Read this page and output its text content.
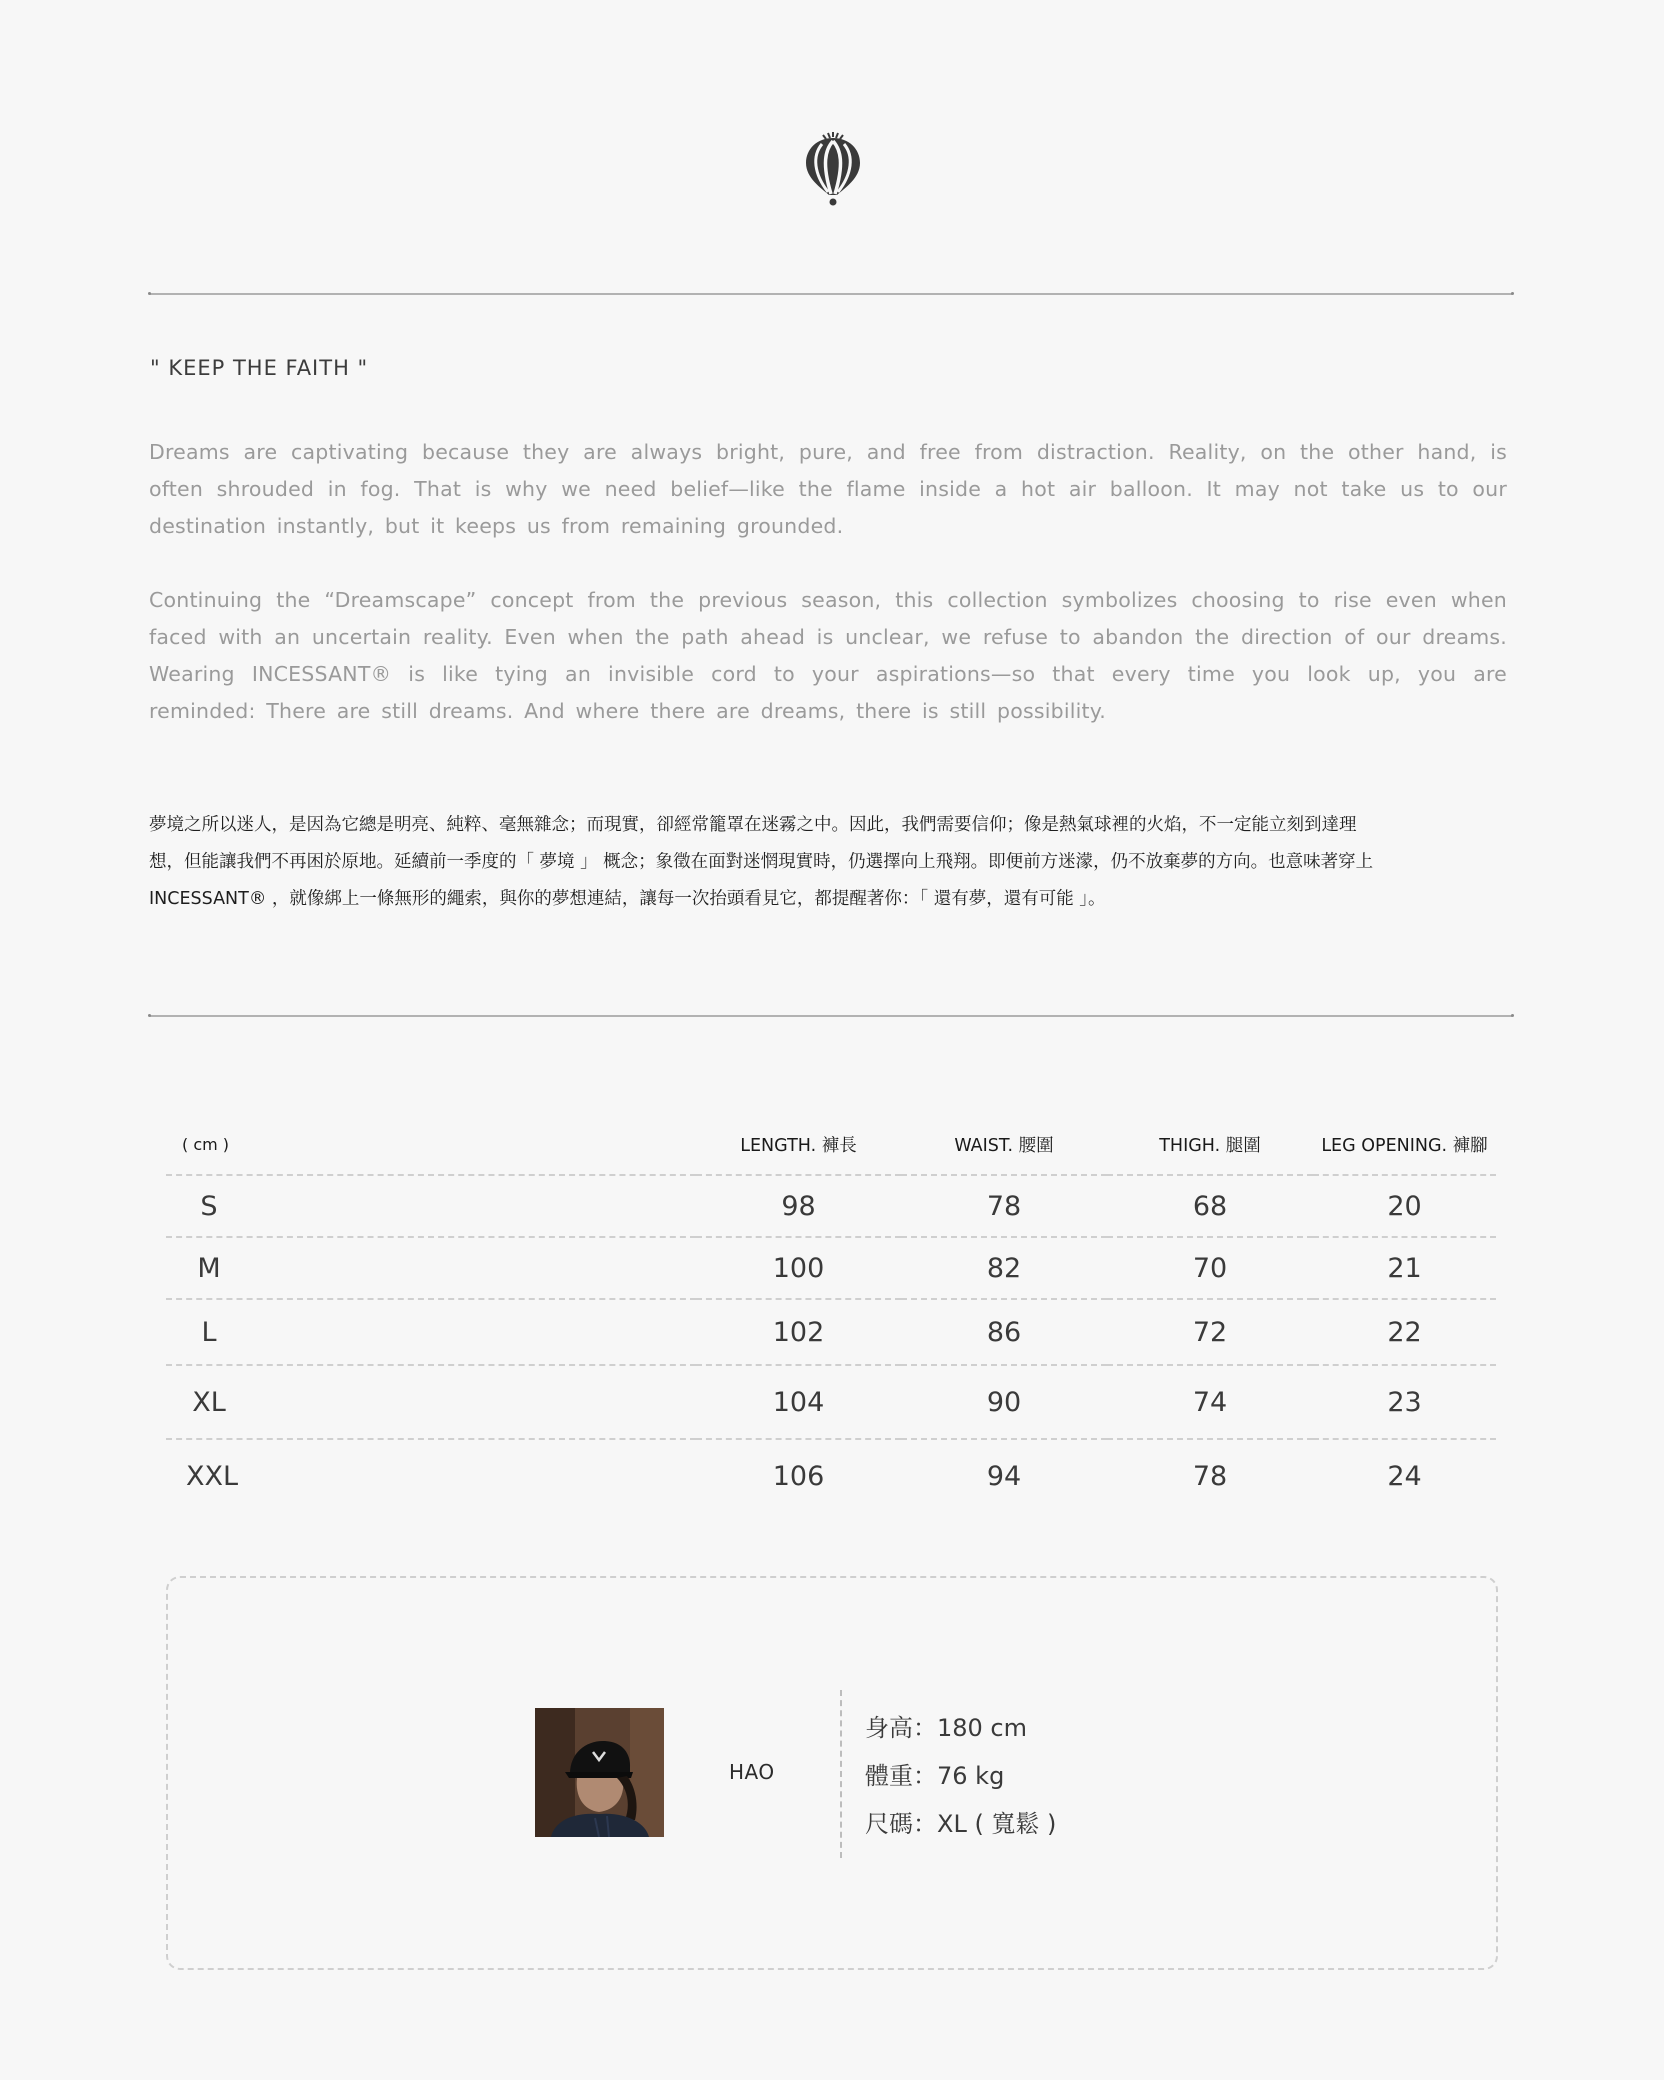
" KEEP THE FAITH "

Dreams are captivating because they are always bright, pure, and free from distraction. Reality, on the other hand, is often shrouded in fog. That is why we need belief—like the flame inside a hot air balloon. It may not take us to our destination instantly, but it keeps us from remaining grounded.

Continuing the “Dreamscape” concept from the previous season, this collection symbolizes choosing to rise even when faced with an uncertain reality. Even when the path ahead is unclear, we refuse to abandon the direction of our dreams. Wearing INCESSANT® is like tying an invisible cord to your aspirations—so that every time you look up, you are reminded: There are still dreams. And where there are dreams, there is still possibility.

夢境之所以迷人，是因為它總是明亮、純粹、毫無雜念；而現實，卻經常籠罩在迷霧之中。因此，我們需要信仰；像是熱氣球裡的火焰，不一定能立刻到達理
想，但能讓我們不再困於原地。延續前一季度的「 夢境 」 概念；象徵在面對迷惘現實時，仍選擇向上飛翔。即便前方迷濛，仍不放棄夢的方向。也意味著穿上
INCESSANT® ，就像綁上一條無形的繩索，與你的夢想連結，讓每一次抬頭看見它，都提醒著你：「 還有夢，還有可能 」。

( cm )	LENGTH. 褲長	WAIST. 腰圍	THIGH. 腿圍	LEG OPENING. 褲腳
S	98	78	68	20
M	100	82	70	21
L	102	86	72	22
XL	104	90	74	23
XXL	106	94	78	24

HAO

身高：180 cm
體重：76 kg
尺碼：XL ( 寬鬆 )
